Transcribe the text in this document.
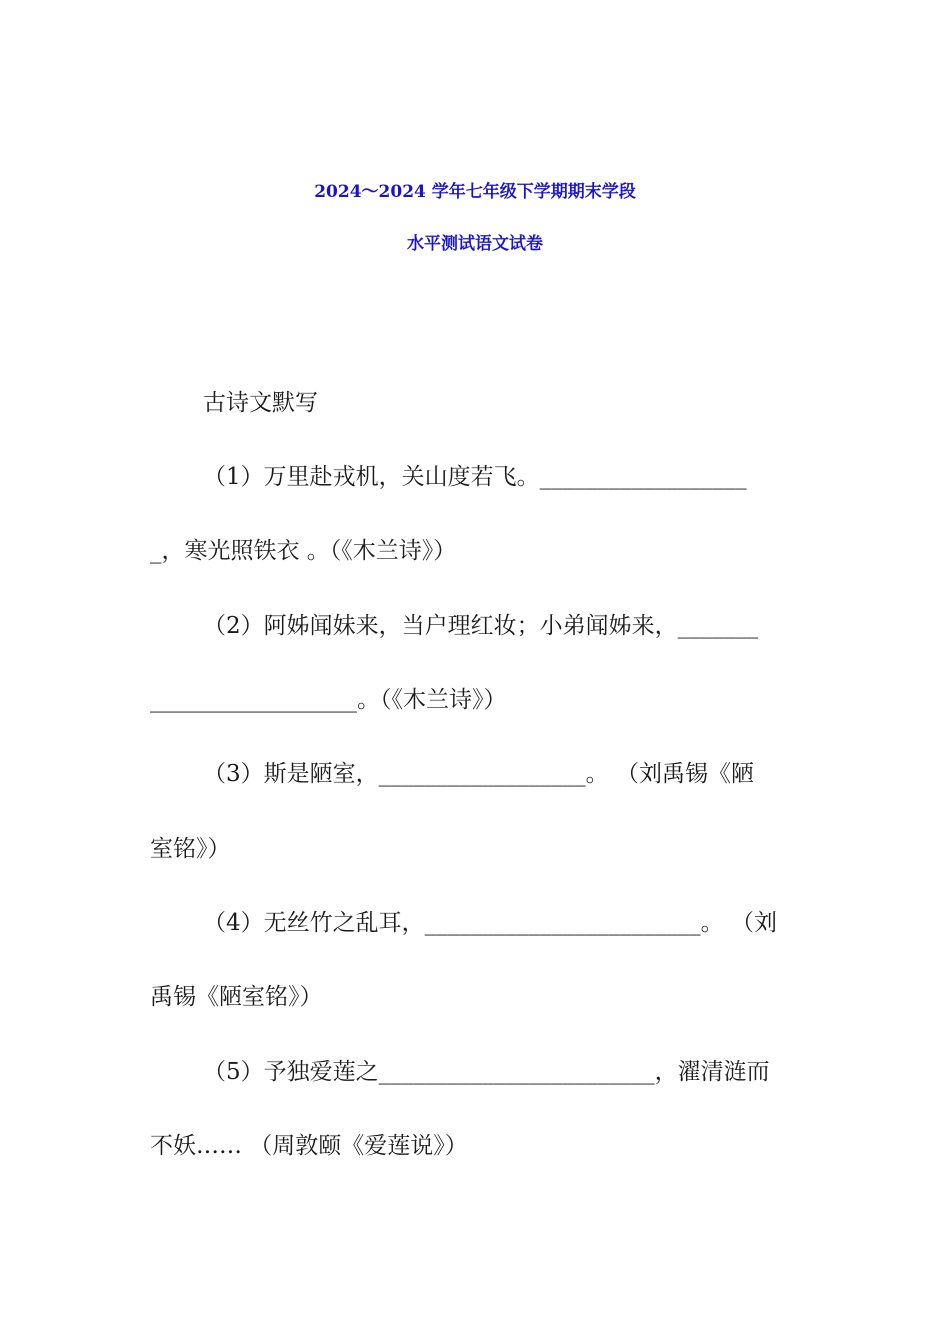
2024～2024 学年七年级下学期期末学段
水平测试语文试卷
古诗文默写
（1）万里赴戎机，关山度若飞。__________________
_，寒光照铁衣 。（《木兰诗》）
（2）阿姊闻妹来，当户理红妆；小弟闻姊来，_______
__________________。（《木兰诗》）
（3）斯是陋室，__________________。 （刘禹锡《陋
室铭》）
（4）无丝竹之乱耳，________________________。 （刘
禹锡《陋室铭》）
（5）予独爱莲之________________________，濯清涟而
不妖…… （周敦颐《爱莲说》）
